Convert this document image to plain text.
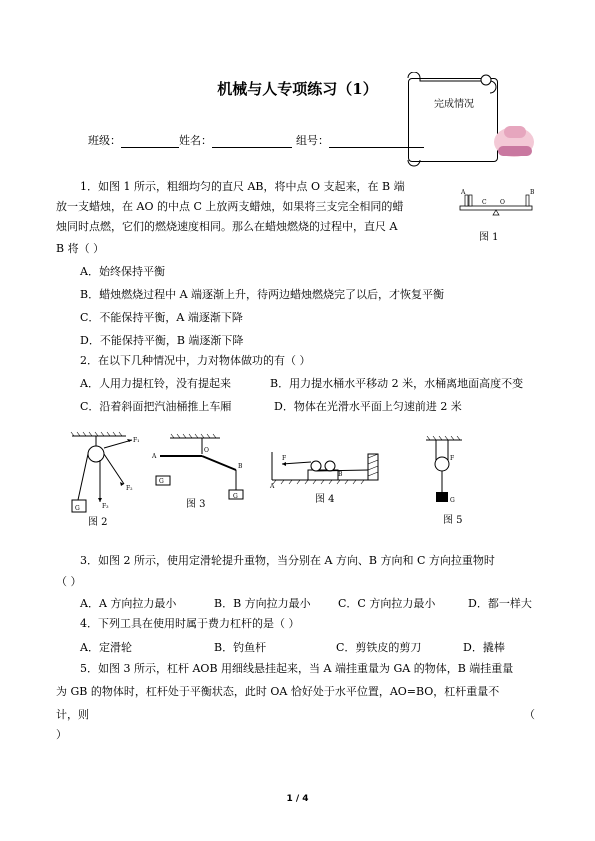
机械与人专项练习（1）
完成情况
班级：	姓名：	组号：
1．如图 1 所示，粗细均匀的直尺 AB，将中点 O 支起来，在 B 端
放一支蜡烛，在 AO 的中点 C 上放两支蜡烛，如果将三支完全相同的蜡
烛同时点燃，它们的燃烧速度相同。那么在蜡烛燃烧的过程中，直尺 A
B 将（ ）
A	B
C O
图 1
A．始终保持平衡
B．蜡烛燃烧过程中 A 端逐渐上升，待两边蜡烛燃烧完了以后，才恢复平衡
C．不能保持平衡，A 端逐渐下降
D．不能保持平衡，B 端逐渐下降
2．在以下几种情况中，力对物体做功的有（ ）
A．人用力提杠铃，没有提起来	B．用力提水桶水平移动 2 米，水桶离地面高度不变
C．沿着斜面把汽油桶推上车厢	D．物体在光滑水平面上匀速前进 2 米
G
F₁
F₂
F₃
图 2
G
G
A
O
B
图 3
F
A
B
图 4
F
G
图 5
3．如图 2 所示，使用定滑轮提升重物，当分别在 A 方向、B 方向和 C 方向拉重物时
（ ）
A．A 方向拉力最小	B．B 方向拉力最小 C．C 方向拉力最小	D．都一样大
4．下列工具在使用时属于费力杠杆的是（ ）
A．定滑轮	B．钓鱼杆	C．剪铁皮的剪刀	D．撬棒
5．如图 3 所示，杠杆 AOB 用细线悬挂起来，当 A 端挂重量为 GA 的物体，B 端挂重量
为 GB 的物体时，杠杆处于平衡状态，此时 OA 恰好处于水平位置，AO=BO，杠杆重量不
计，则	（
）
1 / 4
